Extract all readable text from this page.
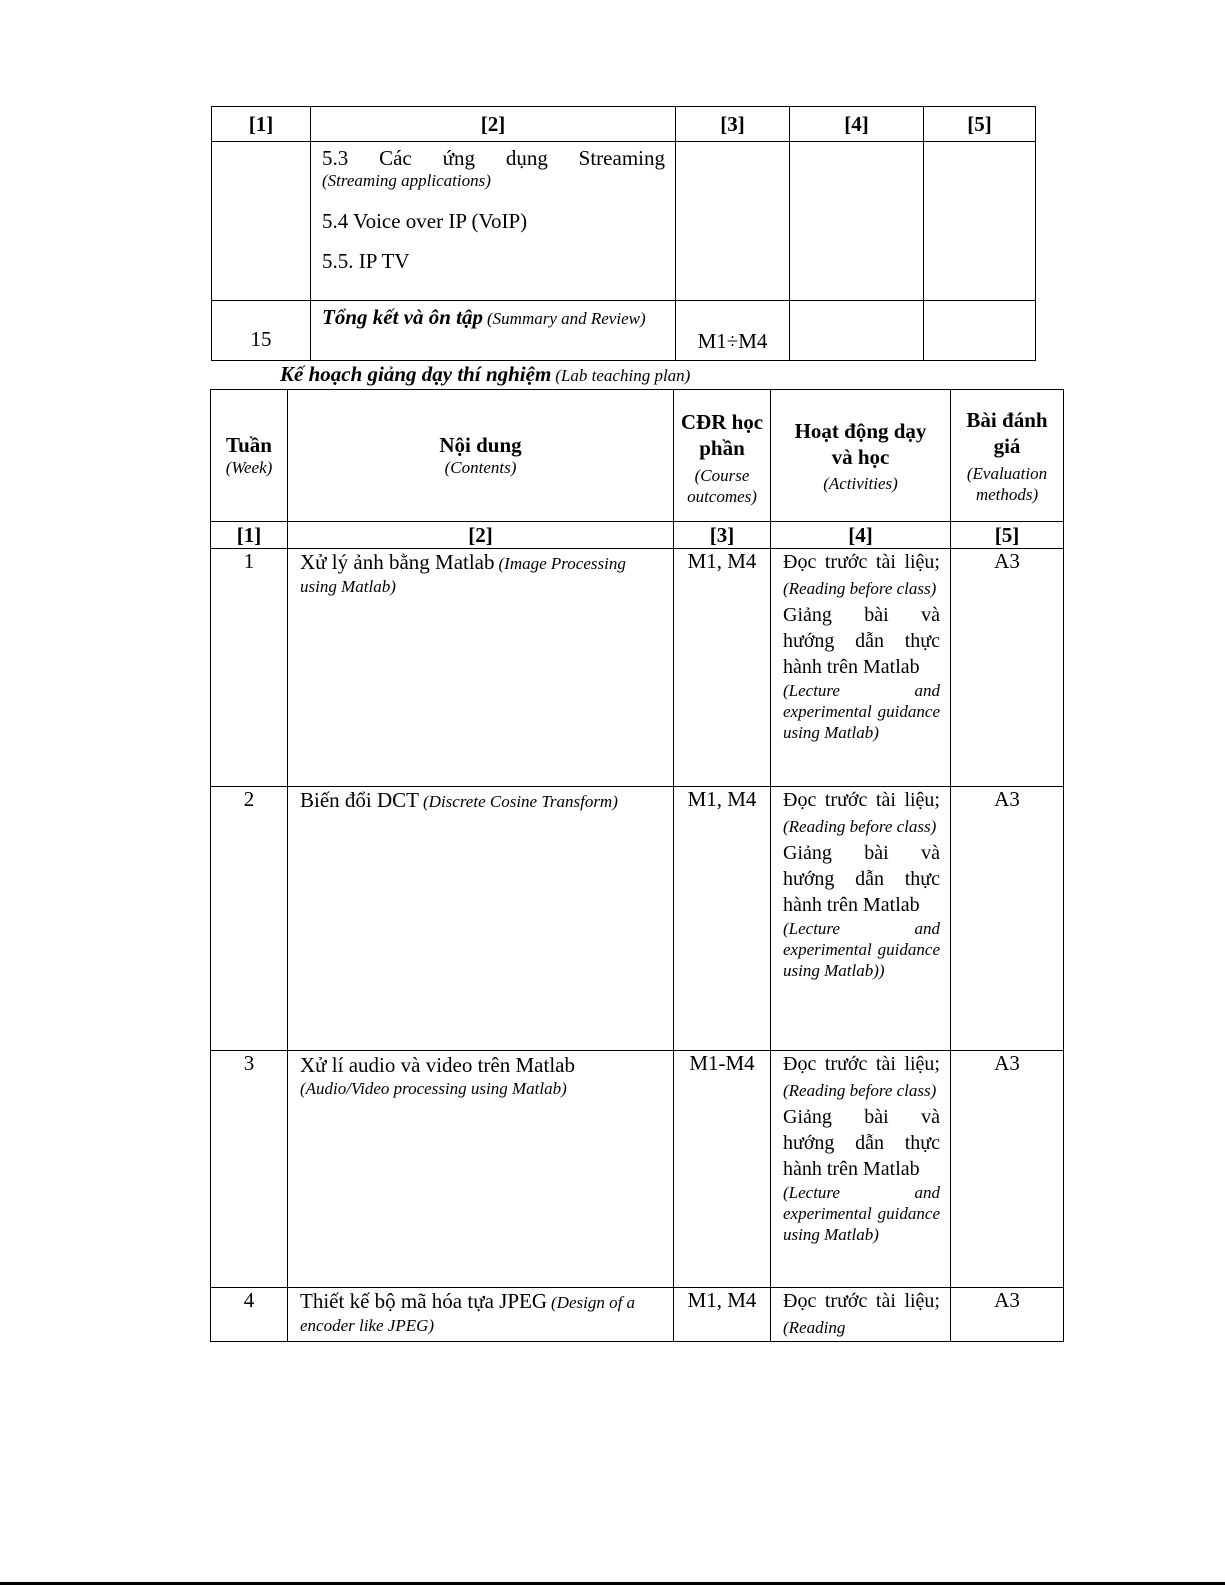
[1]	[2]	[3]	[4]	[5]

	5.3 Các ứng dụng Streaming
(Streaming applications)
5.4 Voice over IP (VoIP)
5.5. IP TV			

15	Tổng kết và ôn tập (Summary and Review)	M1÷M4		
Kế hoạch giảng dạy thí nghiệm (Lab teaching plan)
Tuần
(Week)	Nội dung
(Contents)	CĐR học phần
(Course outcomes)	Hoạt động dạy và học
(Activities)	Bài đánh giá
(Evaluation methods)

[1]	[2]	[3]	[4]	[5]
1	Xử lý ảnh bằng Matlab (Image Processing using Matlab)	M1, M4	Đọc trước tài liệu; (Reading before class)
Giảng bài và hướng dẫn thực hành trên Matlab
(Lecture and experimental guidance using Matlab)	A3
2	Biến đổi DCT (Discrete Cosine Transform)	M1, M4	Đọc trước tài liệu; (Reading before class)
Giảng bài và hướng dẫn thực hành trên Matlab
(Lecture and experimental guidance using Matlab))	A3
3	Xử lí audio và video trên Matlab
(Audio/Video processing using Matlab)	M1-M4	Đọc trước tài liệu; (Reading before class)
Giảng bài và hướng dẫn thực hành trên Matlab
(Lecture and experimental guidance using Matlab)	A3
4	Thiết kế bộ mã hóa tựa JPEG (Design of a encoder like JPEG)	M1, M4	Đọc trước tài liệu; (Reading	A3
